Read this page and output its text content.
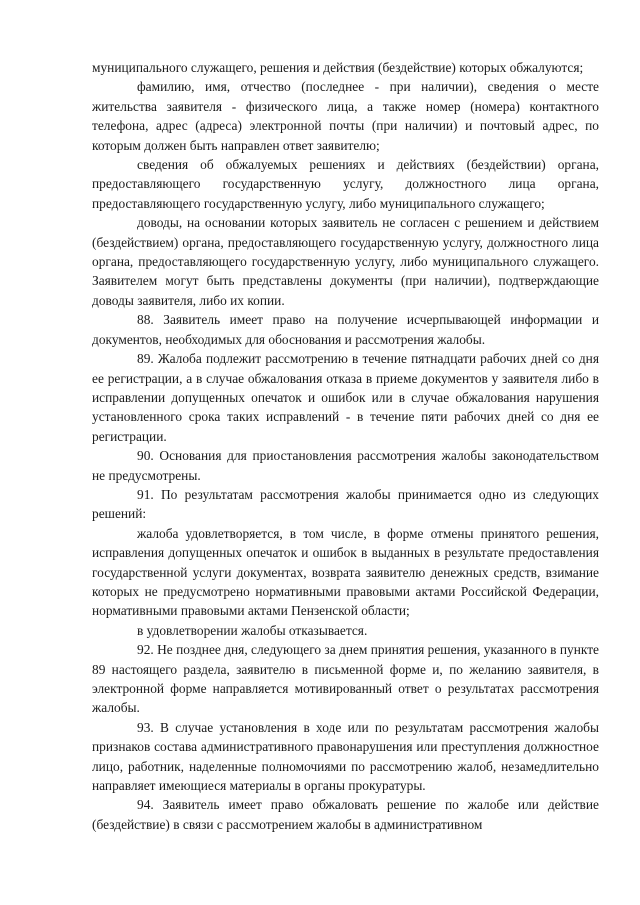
муниципального служащего, решения и действия (бездействие) которых обжалуются;

фамилию, имя, отчество (последнее - при наличии), сведения о месте жительства заявителя - физического лица, а также номер (номера) контактного телефона, адрес (адреса) электронной почты (при наличии) и почтовый адрес, по которым должен быть направлен ответ заявителю;

сведения об обжалуемых решениях и действиях (бездействии) органа, предоставляющего государственную услугу, должностного лица органа, предоставляющего государственную услугу, либо муниципального служащего;

доводы, на основании которых заявитель не согласен с решением и действием (бездействием) органа, предоставляющего государственную услугу, должностного лица органа, предоставляющего государственную услугу, либо муниципального служащего. Заявителем могут быть представлены документы (при наличии), подтверждающие доводы заявителя, либо их копии.

88. Заявитель имеет право на получение исчерпывающей информации и документов, необходимых для обоснования и рассмотрения жалобы.

89. Жалоба подлежит рассмотрению в течение пятнадцати рабочих дней со дня ее регистрации, а в случае обжалования отказа в приеме документов у заявителя либо в исправлении допущенных опечаток и ошибок или в случае обжалования нарушения установленного срока таких исправлений - в течение пяти рабочих дней со дня ее регистрации.

90. Основания для приостановления рассмотрения жалобы законодательством не предусмотрены.

91. По результатам рассмотрения жалобы принимается одно из следующих решений:

жалоба удовлетворяется, в том числе, в форме отмены принятого решения, исправления допущенных опечаток и ошибок в выданных в результате предоставления государственной услуги документах, возврата заявителю денежных средств, взимание которых не предусмотрено нормативными правовыми актами Российской Федерации, нормативными правовыми актами Пензенской области;

в удовлетворении жалобы отказывается.

92. Не позднее дня, следующего за днем принятия решения, указанного в пункте 89 настоящего раздела, заявителю в письменной форме и, по желанию заявителя, в электронной форме направляется мотивированный ответ о результатах рассмотрения жалобы.

93. В случае установления в ходе или по результатам рассмотрения жалобы признаков состава административного правонарушения или преступления должностное лицо, работник, наделенные полномочиями по рассмотрению жалоб, незамедлительно направляет имеющиеся материалы в органы прокуратуры.

94. Заявитель имеет право обжаловать решение по жалобе или действие (бездействие) в связи с рассмотрением жалобы в административном
